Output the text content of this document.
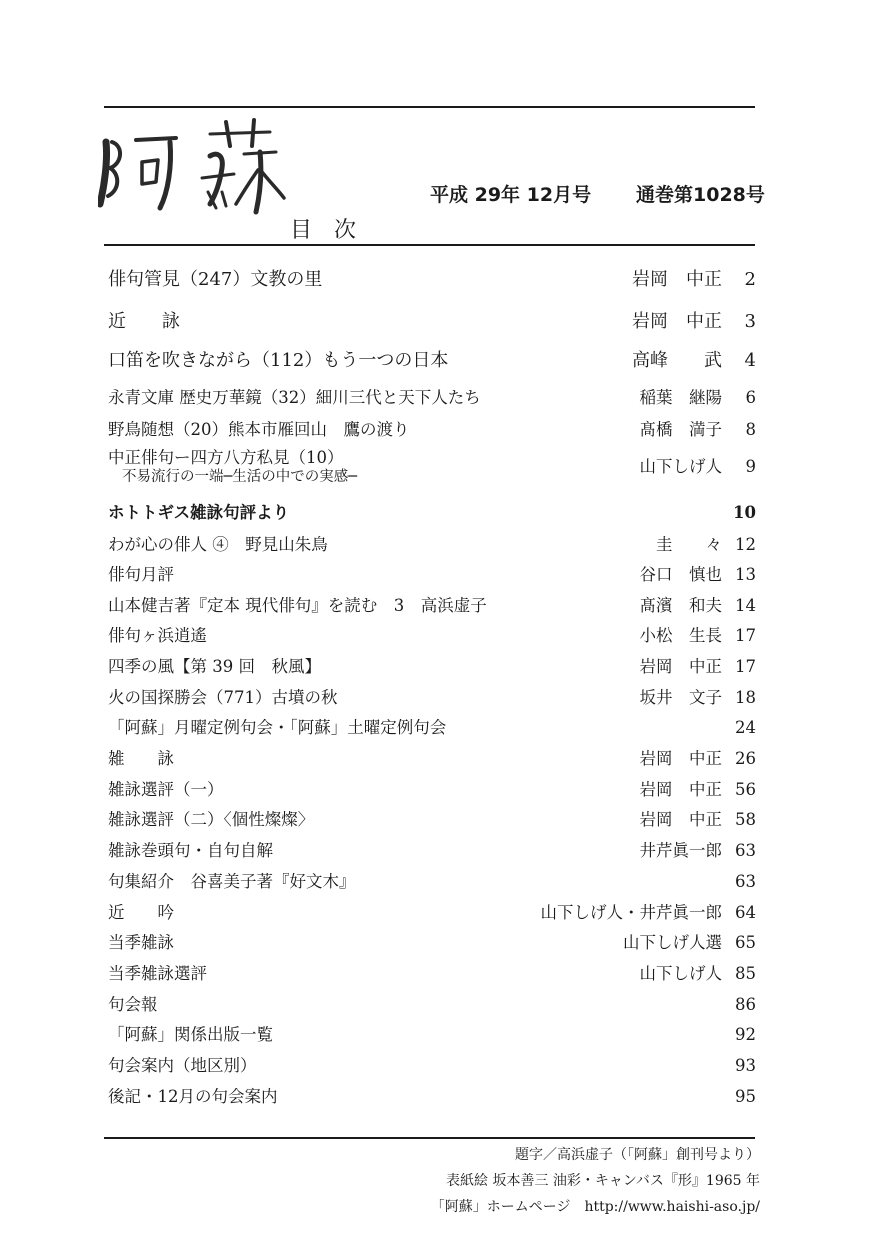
目次
平成 29年 12月号 通巻第1028号
俳句管見（247）文教の里	岩岡　中正	2
近　　詠	岩岡　中正	3
口笛を吹きながら（112）もう一つの日本	高峰　　武	4
永青文庫 歴史万華鏡（32）細川三代と天下人たち	稲葉　継陽	6
野鳥随想（20）熊本市雁回山　鷹の渡り	髙橋　満子	8
中正俳句ー四方八方私見（10）
不易流行の一端─生活の中での実感─
山下しげ人	9
ホトトギス雑詠句評より	10
わが心の俳人 ④　野見山朱鳥	圭　　々 12
俳句月評	谷口　慎也 13
山本健吉著『定本 現代俳句』を読む　3　高浜虚子	髙濱　和夫 14
俳句ヶ浜逍遙	小松　生長 17
四季の風【第 39 回　秋風】	岩岡　中正 17
火の国探勝会（771）古墳の秋	坂井　文子 18
「阿蘇」月曜定例句会・「阿蘇」土曜定例句会	24
雑　　詠	岩岡　中正 26
雑詠選評（一）	岩岡　中正 56
雑詠選評（二）〈個性燦燦〉	岩岡　中正 58
雑詠巻頭句・自句自解	井芹眞一郎 63
句集紹介　谷喜美子著『好文木』	63
近　　吟	山下しげ人・井芹眞一郎 64
当季雑詠	山下しげ人選 65
当季雑詠選評	山下しげ人 85
句会報	86
「阿蘇」関係出版一覧	92
句会案内（地区別）	93
後記・12月の句会案内	95
題字／高浜虚子（「阿蘇」創刊号より）
表紙絵 坂本善三 油彩・キャンバス『形』1965 年
「阿蘇」ホームページ　http://www.haishi-aso.jp/
